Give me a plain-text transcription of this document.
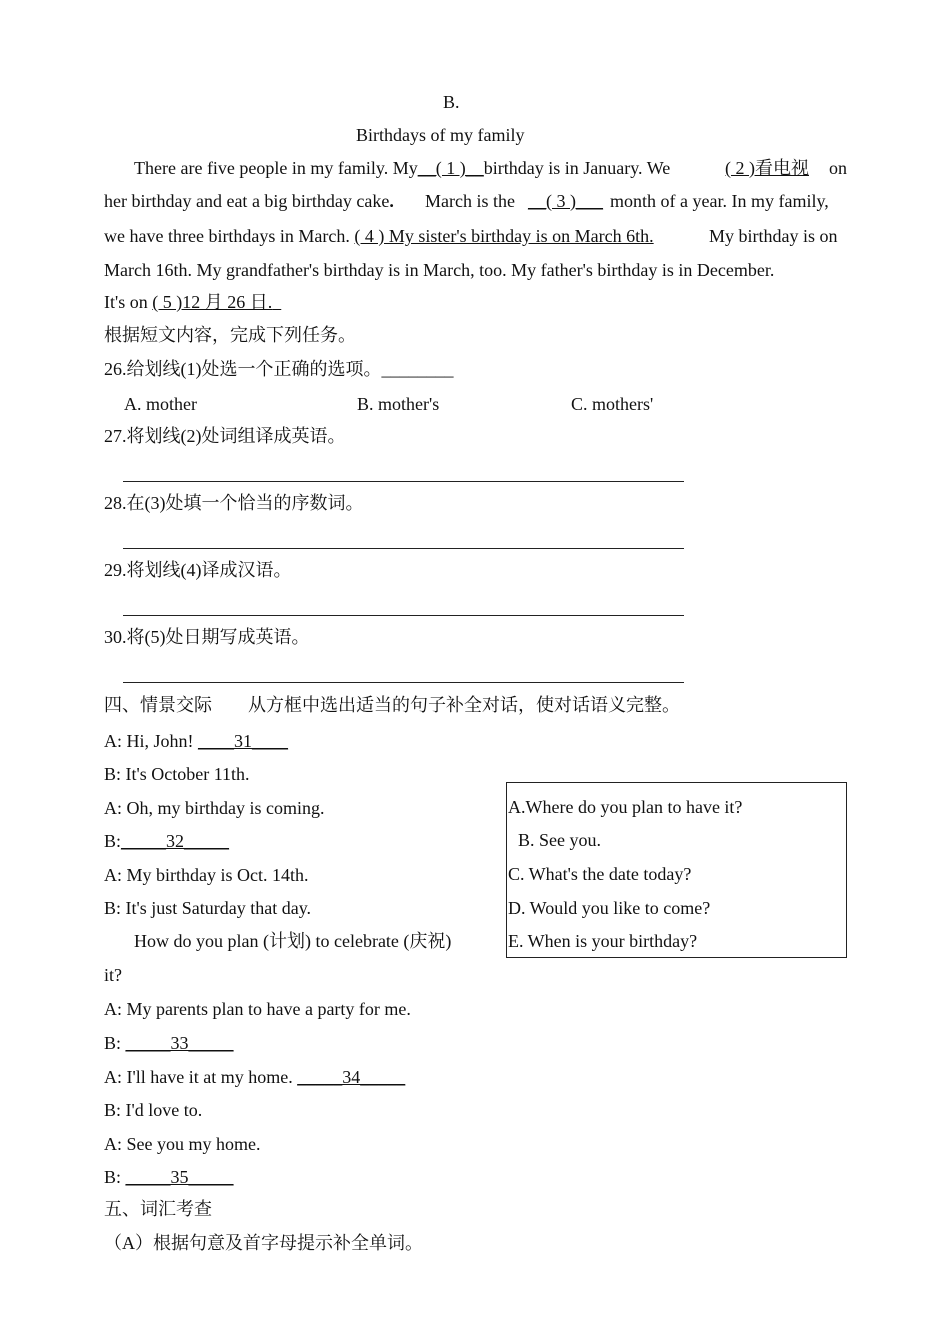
B.
Birthdays of my family
There are five people in my family. My__( 1 )__birthday is in January. We	( 2 )看电视 on
her birthday and eat a big birthday cake. March is the __( 3 )___ month of a year. In my family,
we have three birthdays in March. ( 4 ) My sister's birthday is on March 6th.	My birthday is on
March 16th. My grandfather's birthday is in March, too. My father's birthday is in December.
It's on ( 5 )12 月 26 日.
根据短文内容，完成下列任务。
26.给划线(1)处选一个正确的选项。________
A. mother	B. mother's	C. mothers'
27.将划线(2)处词组译成英语。
28.在(3)处填一个恰当的序数词。
29.将划线(4)译成汉语。
30.将(5)处日期写成英语。
四、情景交际        从方框中选出适当的句子补全对话，使对话语义完整。
A: Hi, John! ____31____
B: It's October 11th.
A: Oh, my birthday is coming.
B:_____32_____
A: My birthday is Oct. 14th.
B: It's just Saturday that day.
How do you plan (计划) to celebrate (庆祝)
it?
A: My parents plan to have a party for me.
B: _____33_____
A: I'll have it at my home. _____34_____
B: I'd love to.
A: See you my home.
B: _____35_____
A.Where do you plan to have it?
B. See you.
C. What's the date today?
D. Would you like to come?
E. When is your birthday?
五、词汇考查
（A）根据句意及首字母提示补全单词。
